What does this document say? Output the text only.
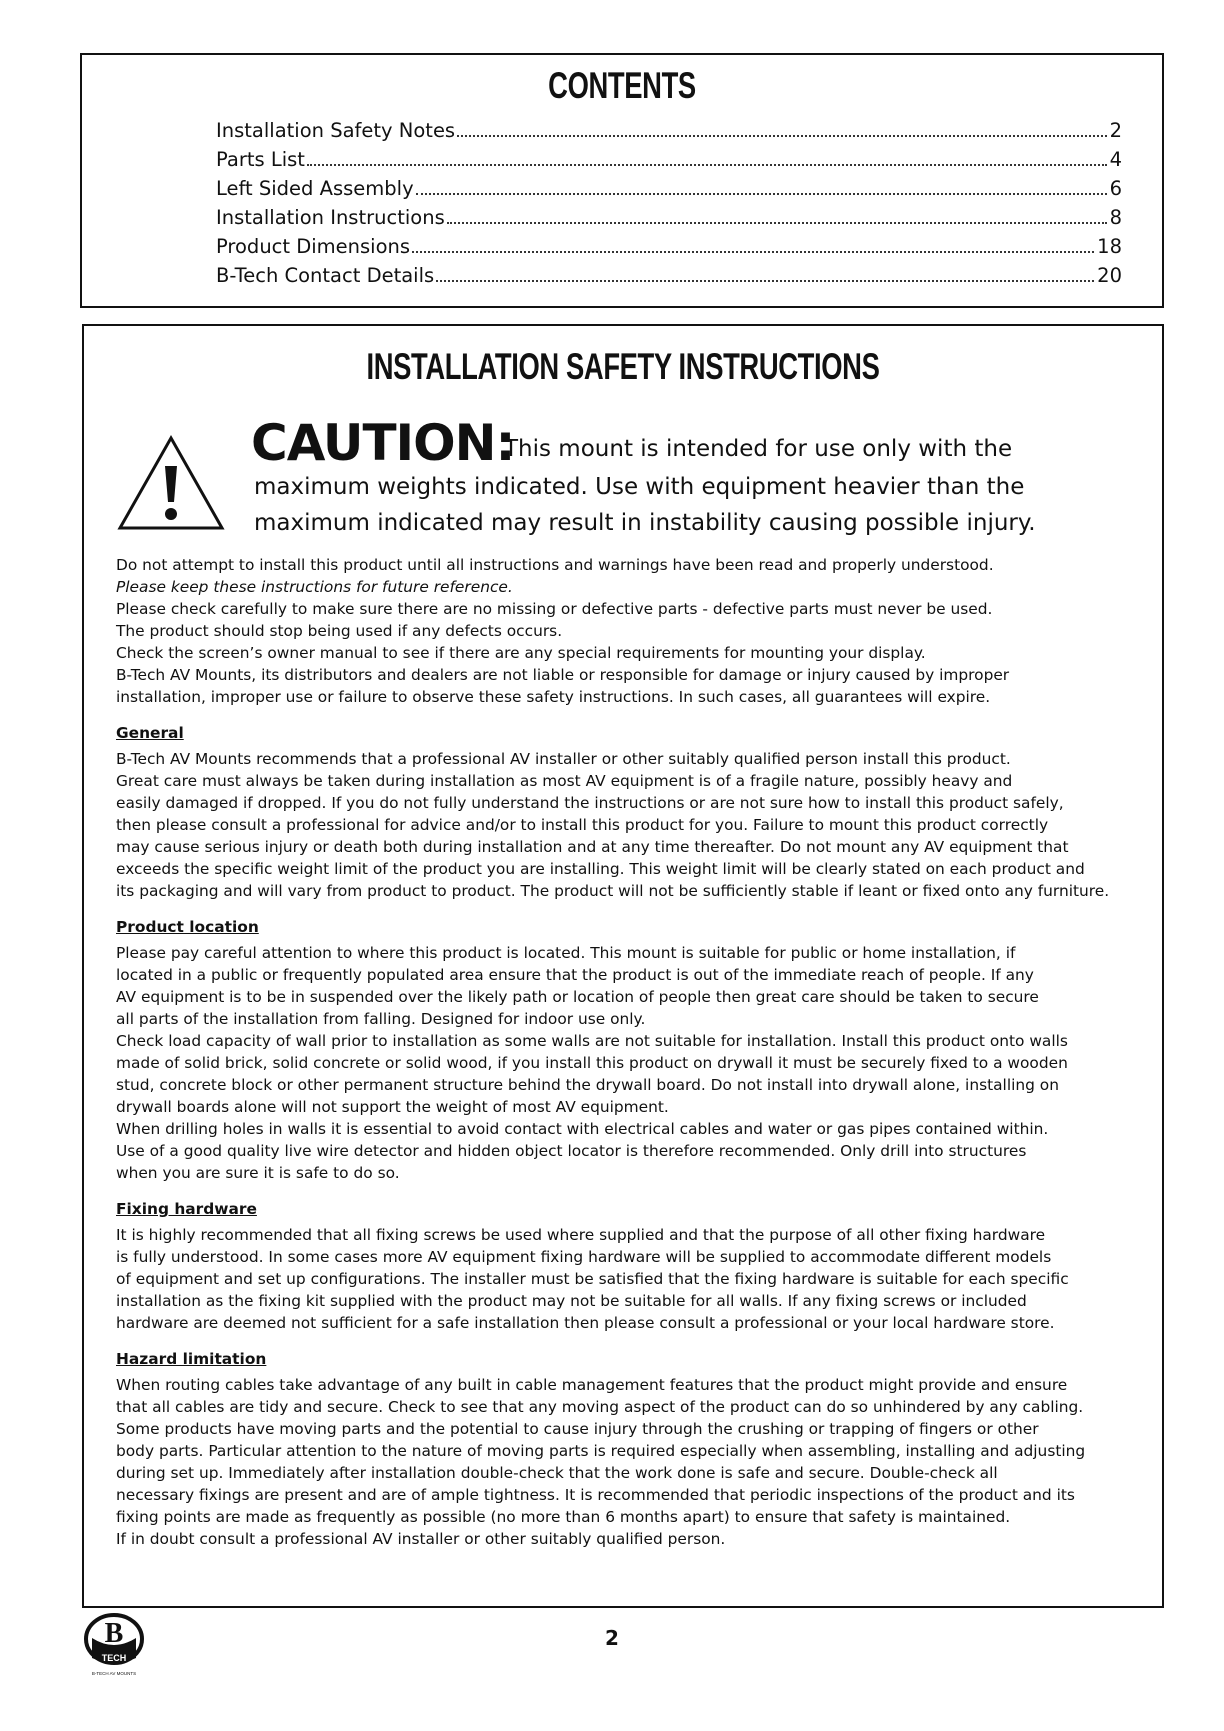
CONTENTS
Installation Safety Notes	2
Parts List	4
Left Sided Assembly	6
Installation Instructions	8
Product Dimensions	18
B-Tech Contact Details	20
INSTALLATION SAFETY INSTRUCTIONS
CAUTION:
This mount is intended for use only with the
maximum weights indicated. Use with equipment heavier than the
maximum indicated may result in instability causing possible injury.
Do not attempt to install this product until all instructions and warnings have been read and properly understood.
Please keep these instructions for future reference.
Please check carefully to make sure there are no missing or defective parts - defective parts must never be used.
The product should stop being used if any defects occurs.
Check the screen’s owner manual to see if there are any special requirements for mounting your display.
B-Tech AV Mounts, its distributors and dealers are not liable or responsible for damage or injury caused by improper
installation, improper use or failure to observe these safety instructions. In such cases, all guarantees will expire.
General
B-Tech AV Mounts recommends that a professional AV installer or other suitably qualified person install this product.
Great care must always be taken during installation as most AV equipment is of a fragile nature, possibly heavy and
easily damaged if dropped. If you do not fully understand the instructions or are not sure how to install this product safely,
then please consult a professional for advice and/or to install this product for you. Failure to mount this product correctly
may cause serious injury or death both during installation and at any time thereafter. Do not mount any AV equipment that
exceeds the specific weight limit of the product you are installing. This weight limit will be clearly stated on each product and
its packaging and will vary from product to product. The product will not be sufficiently stable if leant or fixed onto any furniture.
Product location
Please pay careful attention to where this product is located. This mount is suitable for public or home installation, if
located in a public or frequently populated area ensure that the product is out of the immediate reach of people. If any
AV equipment is to be in suspended over the likely path or location of people then great care should be taken to secure
all parts of the installation from falling. Designed for indoor use only.
Check load capacity of wall prior to installation as some walls are not suitable for installation. Install this product onto walls
made of solid brick, solid concrete or solid wood, if you install this product on drywall it must be securely fixed to a wooden
stud, concrete block or other permanent structure behind the drywall board. Do not install into drywall alone, installing on
drywall boards alone will not support the weight of most AV equipment.
When drilling holes in walls it is essential to avoid contact with electrical cables and water or gas pipes contained within.
Use of a good quality live wire detector and hidden object locator is therefore recommended. Only drill into structures
when you are sure it is safe to do so.
Fixing hardware
It is highly recommended that all fixing screws be used where supplied and that the purpose of all other fixing hardware
is fully understood. In some cases more AV equipment fixing hardware will be supplied to accommodate different models
of equipment and set up configurations. The installer must be satisfied that the fixing hardware is suitable for each specific
installation as the fixing kit supplied with the product may not be suitable for all walls. If any fixing screws or included
hardware are deemed not sufficient for a safe installation then please consult a professional or your local hardware store.
Hazard limitation
When routing cables take advantage of any built in cable management features that the product might provide and ensure
that all cables are tidy and secure. Check to see that any moving aspect of the product can do so unhindered by any cabling.
Some products have moving parts and the potential to cause injury through the crushing or trapping of fingers or other
body parts. Particular attention to the nature of moving parts is required especially when assembling, installing and adjusting
during set up. Immediately after installation double-check that the work done is safe and secure. Double-check all
necessary fixings are present and are of ample tightness. It is recommended that periodic inspections of the product and its
fixing points are made as frequently as possible (no more than 6 months apart) to ensure that safety is maintained.
If in doubt consult a professional AV installer or other suitably qualified person.
B
TECH
B-TECH AV MOUNTS
2
